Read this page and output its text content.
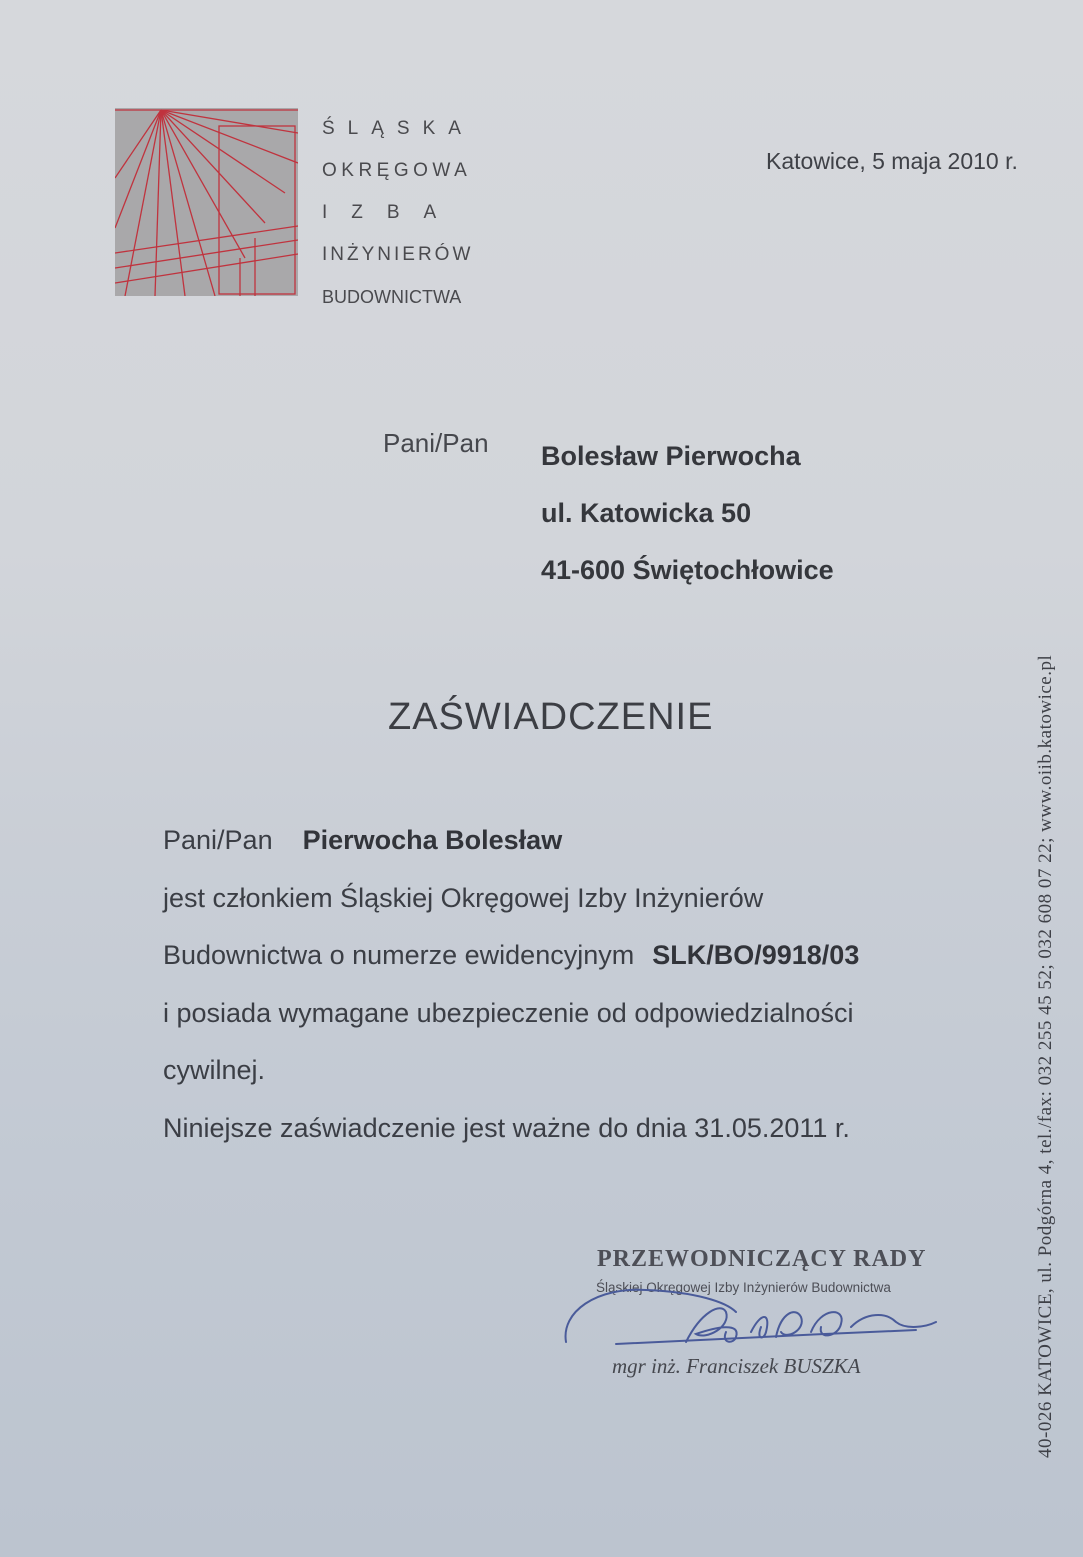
ŚLĄSKA
OKRĘGOWA
IZBA
INŻYNIERÓW
BUDOWNICTWA
Katowice, 5 maja 2010 r.
Pani/Pan Bolesław Pierwocha
ul. Katowicka 50
41-600 Świętochłowice
ZAŚWIADCZENIE
Pani/Pan Pierwocha Bolesław
jest członkiem Śląskiej Okręgowej Izby Inżynierów
Budownictwa o numerze ewidencyjnym SLK/BO/9918/03
i posiada wymagane ubezpieczenie od odpowiedzialności
cywilnej.
Niniejsze zaświadczenie jest ważne do dnia 31.05.2011 r.
PRZEWODNICZĄCY RADY
Śląskiej Okręgowej Izby Inżynierów Budownictwa
mgr inż. Franciszek BUSZKA	40-026 KATOWICE, ul. Podgórna 4, tel./fax: 032 255 45 52; 032 608 07 22; www.oiib.katowice.pl
